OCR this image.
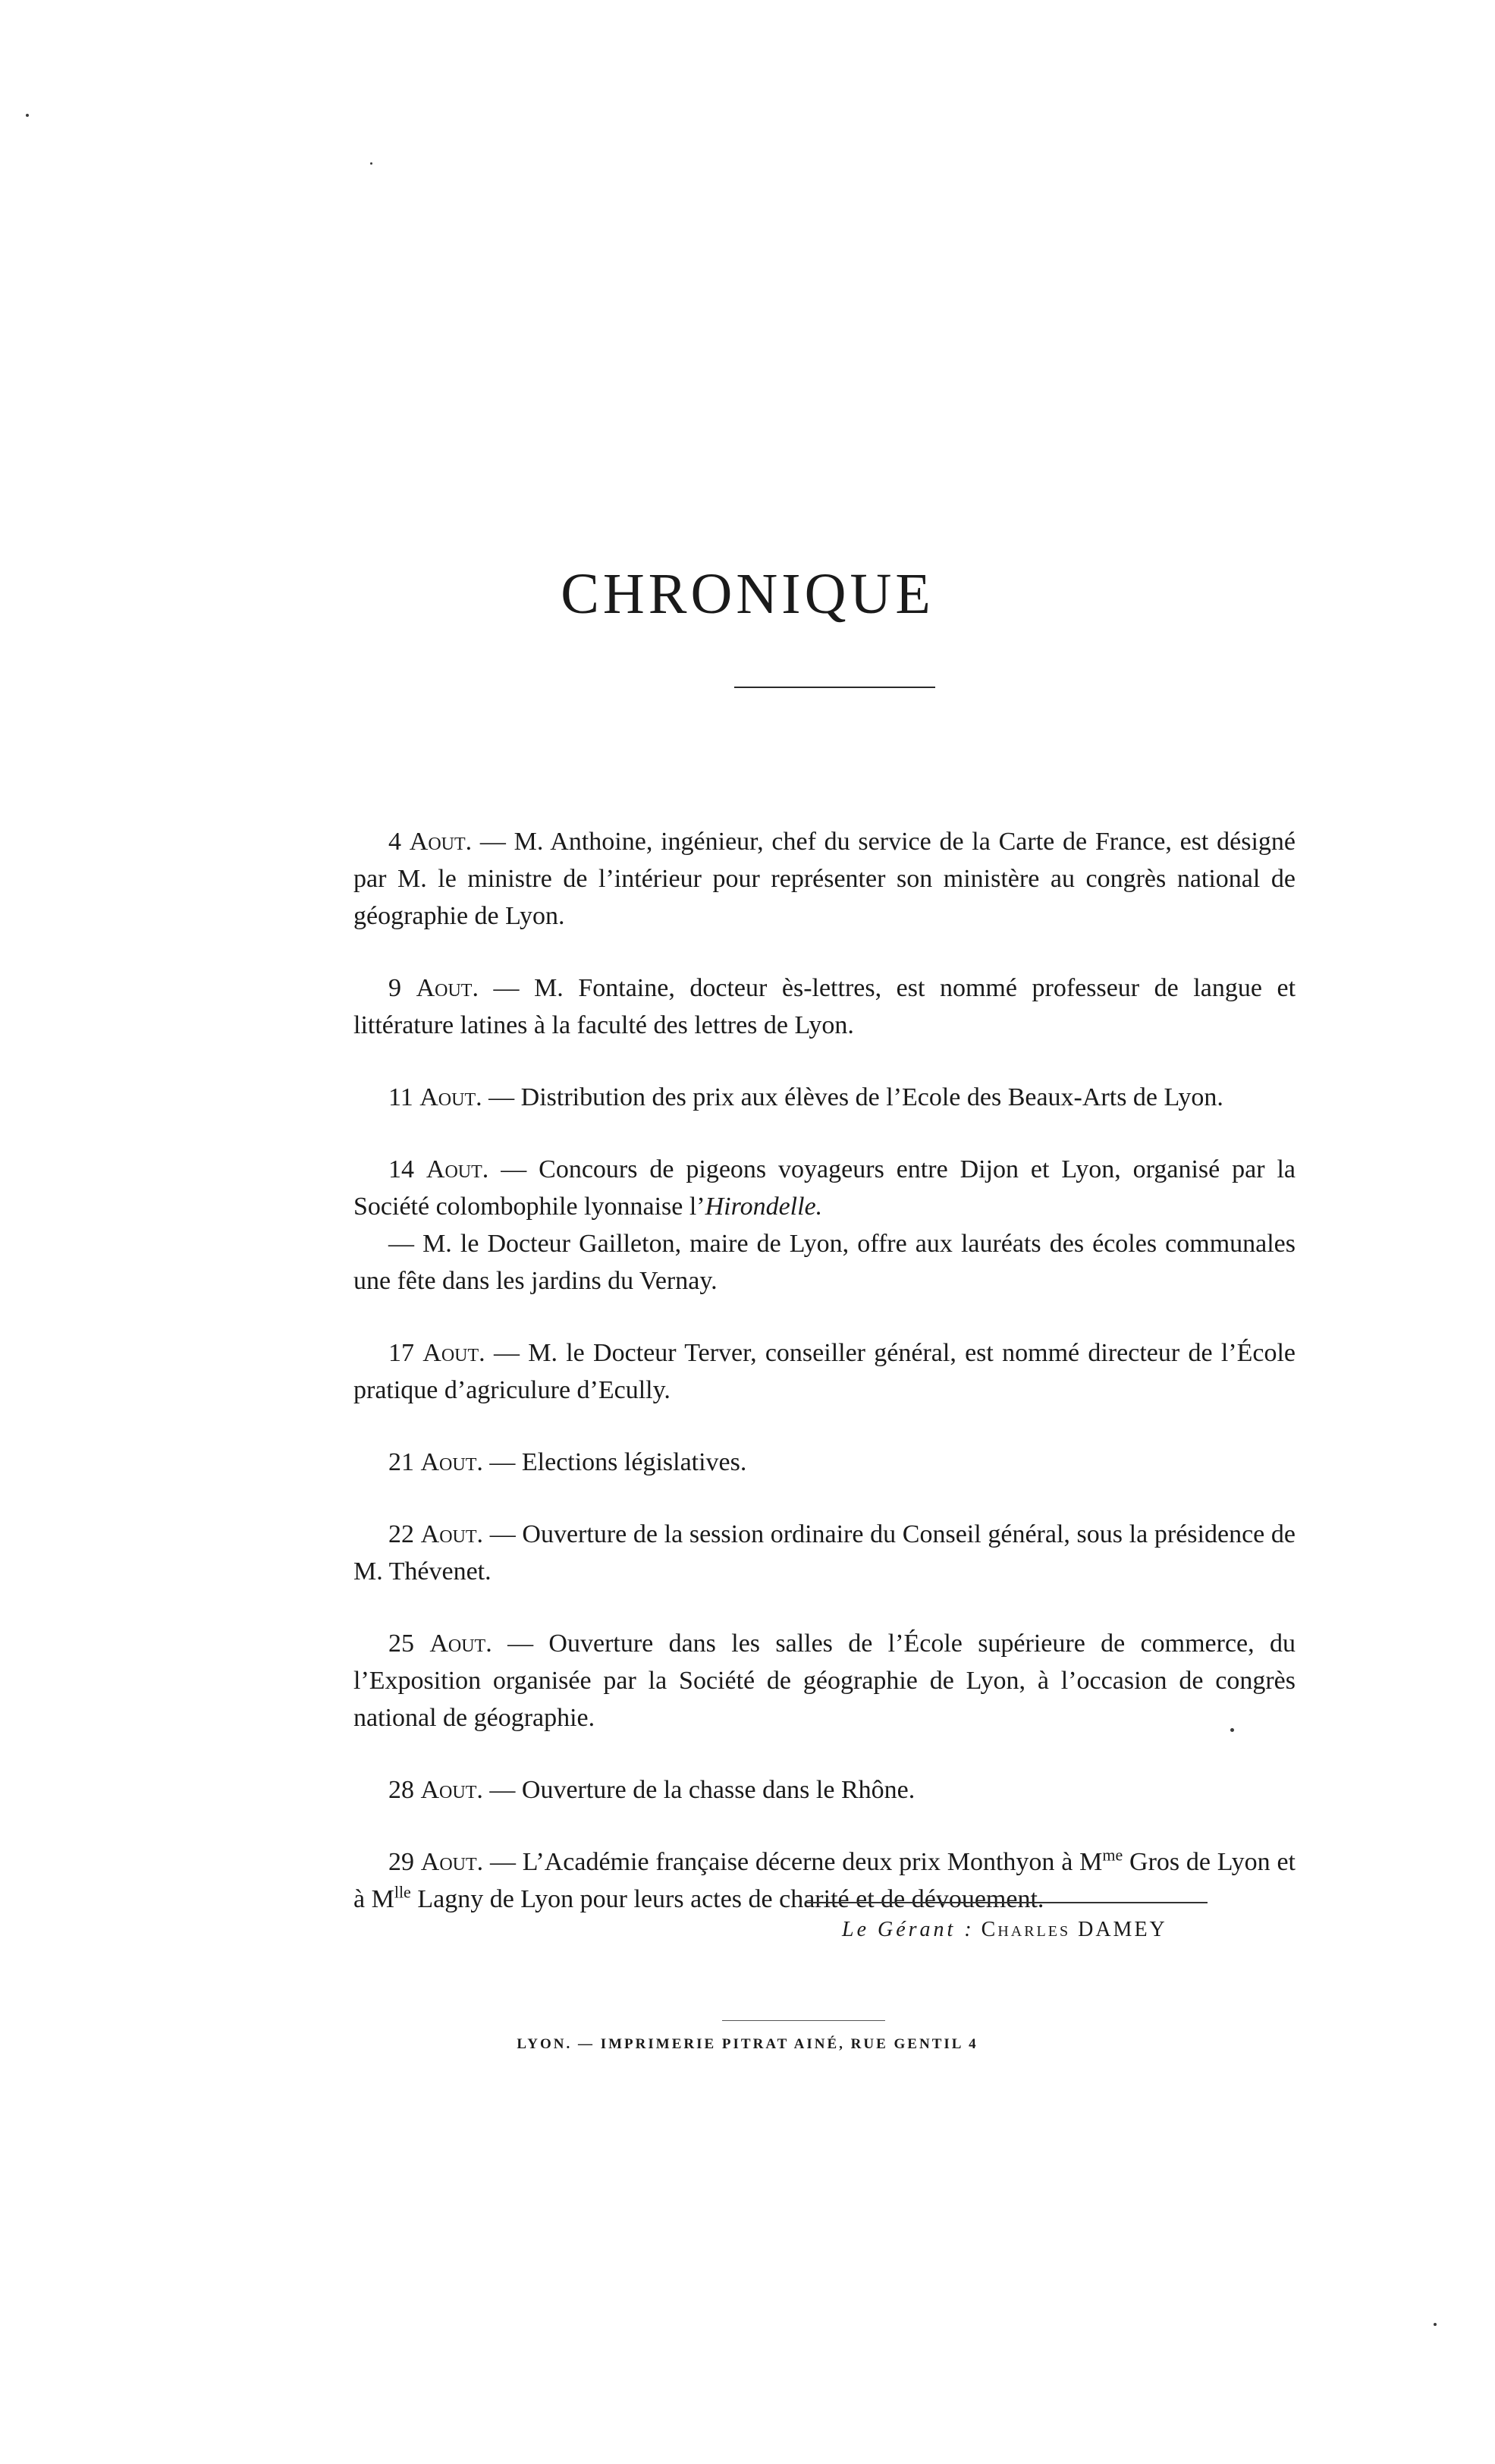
CHRONIQUE

4 Aout. — M. Anthoine, ingénieur, chef du service de la Carte de France, est désigné par M. le ministre de l’intérieur pour représenter son ministère au congrès national de géographie de Lyon.

9 Aout. — M. Fontaine, docteur ès-lettres, est nommé professeur de langue et littérature latines à la faculté des lettres de Lyon.

11 Aout. — Distribution des prix aux élèves de l’Ecole des Beaux-Arts de Lyon.

14 Aout. — Concours de pigeons voyageurs entre Dijon et Lyon, organisé par la Société colombophile lyonnaise l’Hirondelle.
— M. le Docteur Gailleton, maire de Lyon, offre aux lauréats des écoles communales une fête dans les jardins du Vernay.

17 Aout. — M. le Docteur Terver, conseiller général, est nommé directeur de l’École pratique d’agriculure d’Ecully.

21 Aout. — Elections législatives.

22 Aout. — Ouverture de la session ordinaire du Conseil général, sous la présidence de M. Thévenet.

25 Aout. — Ouverture dans les salles de l’École supérieure de commerce, du l’Exposition organisée par la Société de géographie de Lyon, à l’occasion de congrès national de géographie.

28 Aout. — Ouverture de la chasse dans le Rhône.

29 Aout. — L’Académie française décerne deux prix Monthyon à $M^{me}$ Gros de Lyon et à $M^{lle}$ Lagny de Lyon pour leurs actes de charité et de dévouement.

Le Gérant : Charles DAMEY
LYON. — IMPRIMERIE PITRAT AINÉ, RUE GENTIL 4
